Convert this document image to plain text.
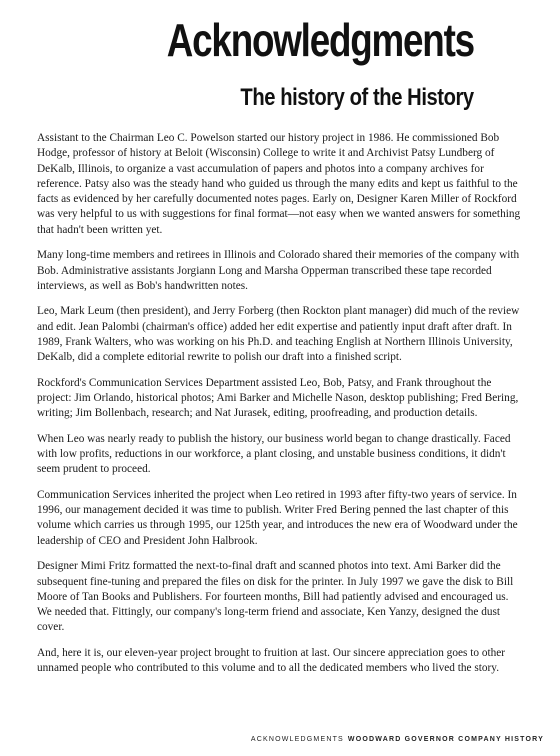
Acknowledgments
The history of the History

Assistant to the Chairman Leo C. Powelson started our history project in 1986. He commissioned Bob Hodge, professor of history at Beloit (Wisconsin) College to write it and Archivist Patsy Lundberg of DeKalb, Illinois, to organize a vast accumulation of papers and photos into a company archives for reference. Patsy also was the steady hand who guided us through the many edits and kept us faithful to the facts as evidenced by her carefully documented notes pages. Early on, Designer Karen Miller of Rockford was very helpful to us with suggestions for final format—not easy when we wanted answers for something that hadn't been written yet.

Many long-time members and retirees in Illinois and Colorado shared their memories of the company with Bob. Administrative assistants Jorgiann Long and Marsha Opperman transcribed these tape recorded interviews, as well as Bob's handwritten notes.

Leo, Mark Leum (then president), and Jerry Forberg (then Rockton plant manager) did much of the review and edit. Jean Palombi (chairman's office) added her edit expertise and patiently input draft after draft. In 1989, Frank Walters, who was working on his Ph.D. and teaching English at Northern Illinois University, DeKalb, did a complete editorial rewrite to polish our draft into a finished script.

Rockford's Communication Services Department assisted Leo, Bob, Patsy, and Frank throughout the project: Jim Orlando, historical photos; Ami Barker and Michelle Nason, desktop publishing; Fred Bering, writing; Jim Bollenbach, research; and Nat Jurasek, editing, proofreading, and production details.

When Leo was nearly ready to publish the history, our business world began to change drastically. Faced with low profits, reductions in our workforce, a plant closing, and unstable business conditions, it didn't seem prudent to proceed.

Communication Services inherited the project when Leo retired in 1993 after fifty-two years of service. In 1996, our management decided it was time to publish. Writer Fred Bering penned the last chapter of this volume which carries us through 1995, our 125th year, and introduces the new era of Woodward under the leadership of CEO and President John Halbrook.

Designer Mimi Fritz formatted the next-to-final draft and scanned photos into text. Ami Barker did the subsequent fine-tuning and prepared the files on disk for the printer. In July 1997 we gave the disk to Bill Moore of Tan Books and Publishers. For fourteen months, Bill had patiently advised and encouraged us. We needed that. Fittingly, our company's long-term friend and associate, Ken Yanzy, designed the dust cover.

And, here it is, our eleven-year project brought to fruition at last. Our sincere appreciation goes to other unnamed people who contributed to this volume and to all the dedicated members who lived the story.

ACKNOWLEDGMENTS WOODWARD GOVERNOR COMPANY HISTORY
